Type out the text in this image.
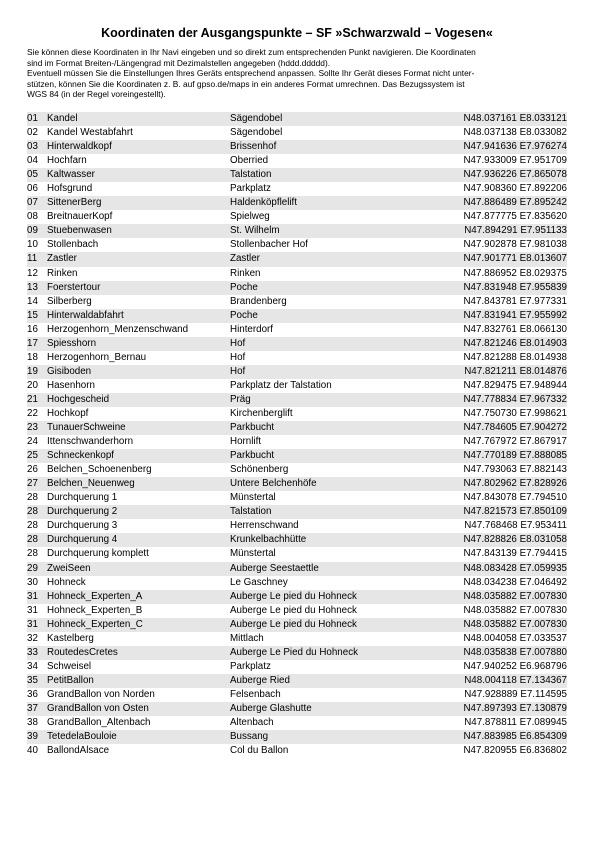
Koordinaten der Ausgangspunkte – SF »Schwarzwald – Vogesen«

Sie können diese Koordinaten in Ihr Navi eingeben und so direkt zum entsprechenden Punkt navigieren. Die Koordinaten

sind im Format Breiten-/Längengrad mit Dezimalstellen angegeben (hddd.ddddd).

Eventuell müssen Sie die Einstellungen Ihres Geräts entsprechend anpassen. Sollte Ihr Gerät dieses Format nicht unter-

stützen, können Sie die Koordinaten z. B. auf gpso.de/maps in ein anderes Format umrechnen. Das Bezugssystem ist

WGS 84 (in der Regel voreingestellt).

01	Kandel	Sägendobel	N48.037161 E8.033121
02	Kandel Westabfahrt	Sägendobel	N48.037138 E8.033082
03	Hinterwaldkopf	Brissenhof	N47.941636 E7.976274
04	Hochfarn	Oberried	N47.933009 E7.951709
05	Kaltwasser	Talstation	N47.936226 E7.865078
06	Hofsgrund	Parkplatz	N47.908360 E7.892206
07	SittenerBerg	Haldenköpflelift	N47.886489 E7.895242
08	BreitnauerKopf	Spielweg	N47.877775 E7.835620
09	Stuebenwasen	St. Wilhelm	N47.894291 E7.951133
10	Stollenbach	Stollenbacher Hof	N47.902878 E7.981038
11	Zastler	Zastler	N47.901771 E8.013607
12	Rinken	Rinken	N47.886952 E8.029375
13	Foerstertour	Poche	N47.831948 E7.955839
14	Silberberg	Brandenberg	N47.843781 E7.977331
15	Hinterwaldabfahrt	Poche	N47.831941 E7.955992
16	Herzogenhorn_Menzenschwand	Hinterdorf	N47.832761 E8.066130
17	Spiesshorn	Hof	N47.821246 E8.014903
18	Herzogenhorn_Bernau	Hof	N47.821288 E8.014938
19	Gisiboden	Hof	N47.821211 E8.014876
20	Hasenhorn	Parkplatz der Talstation	N47.829475 E7.948944
21	Hochgescheid	Präg	N47.778834 E7.967332
22	Hochkopf	Kirchenberglift	N47.750730 E7.998621
23	TunauerSchweine	Parkbucht	N47.784605 E7.904272
24	Ittenschwanderhorn	Hornlift	N47.767972 E7.867917
25	Schneckenkopf	Parkbucht	N47.770189 E7.888085
26	Belchen_Schoenenberg	Schönenberg	N47.793063 E7.882143
27	Belchen_Neuenweg	Untere Belchenhöfe	N47.802962 E7.828926
28	Durchquerung 1	Münstertal	N47.843078 E7.794510
28	Durchquerung 2	Talstation	N47.821573 E7.850109
28	Durchquerung 3	Herrenschwand	N47.768468 E7.953411
28	Durchquerung 4	Krunkelbachhütte	N47.828826 E8.031058
28	Durchquerung komplett	Münstertal	N47.843139 E7.794415
29	ZweiSeen	Auberge Seestaettle	N48.083428 E7.059935
30	Hohneck	Le Gaschney	N48.034238 E7.046492
31	Hohneck_Experten_A	Auberge Le pied du Hohneck	N48.035882 E7.007830
31	Hohneck_Experten_B	Auberge Le pied du Hohneck	N48.035882 E7.007830
31	Hohneck_Experten_C	Auberge Le pied du Hohneck	N48.035882 E7.007830
32	Kastelberg	Mittlach	N48.004058 E7.033537
33	RoutedesCretes	Auberge Le Pied du Hohneck	N48.035838 E7.007880
34	Schweisel	Parkplatz	N47.940252 E6.968796
35	PetitBallon	Auberge Ried	N48.004118 E7.134367
36	GrandBallon von Norden	Felsenbach	N47.928889 E7.114595
37	GrandBallon von Osten	Auberge Glashutte	N47.897393 E7.130879
38	GrandBallon_Altenbach	Altenbach	N47.878811 E7.089945
39	TetedelaBouloie	Bussang	N47.883985 E6.854309
40	BallondAlsace	Col du Ballon	N47.820955 E6.836802
